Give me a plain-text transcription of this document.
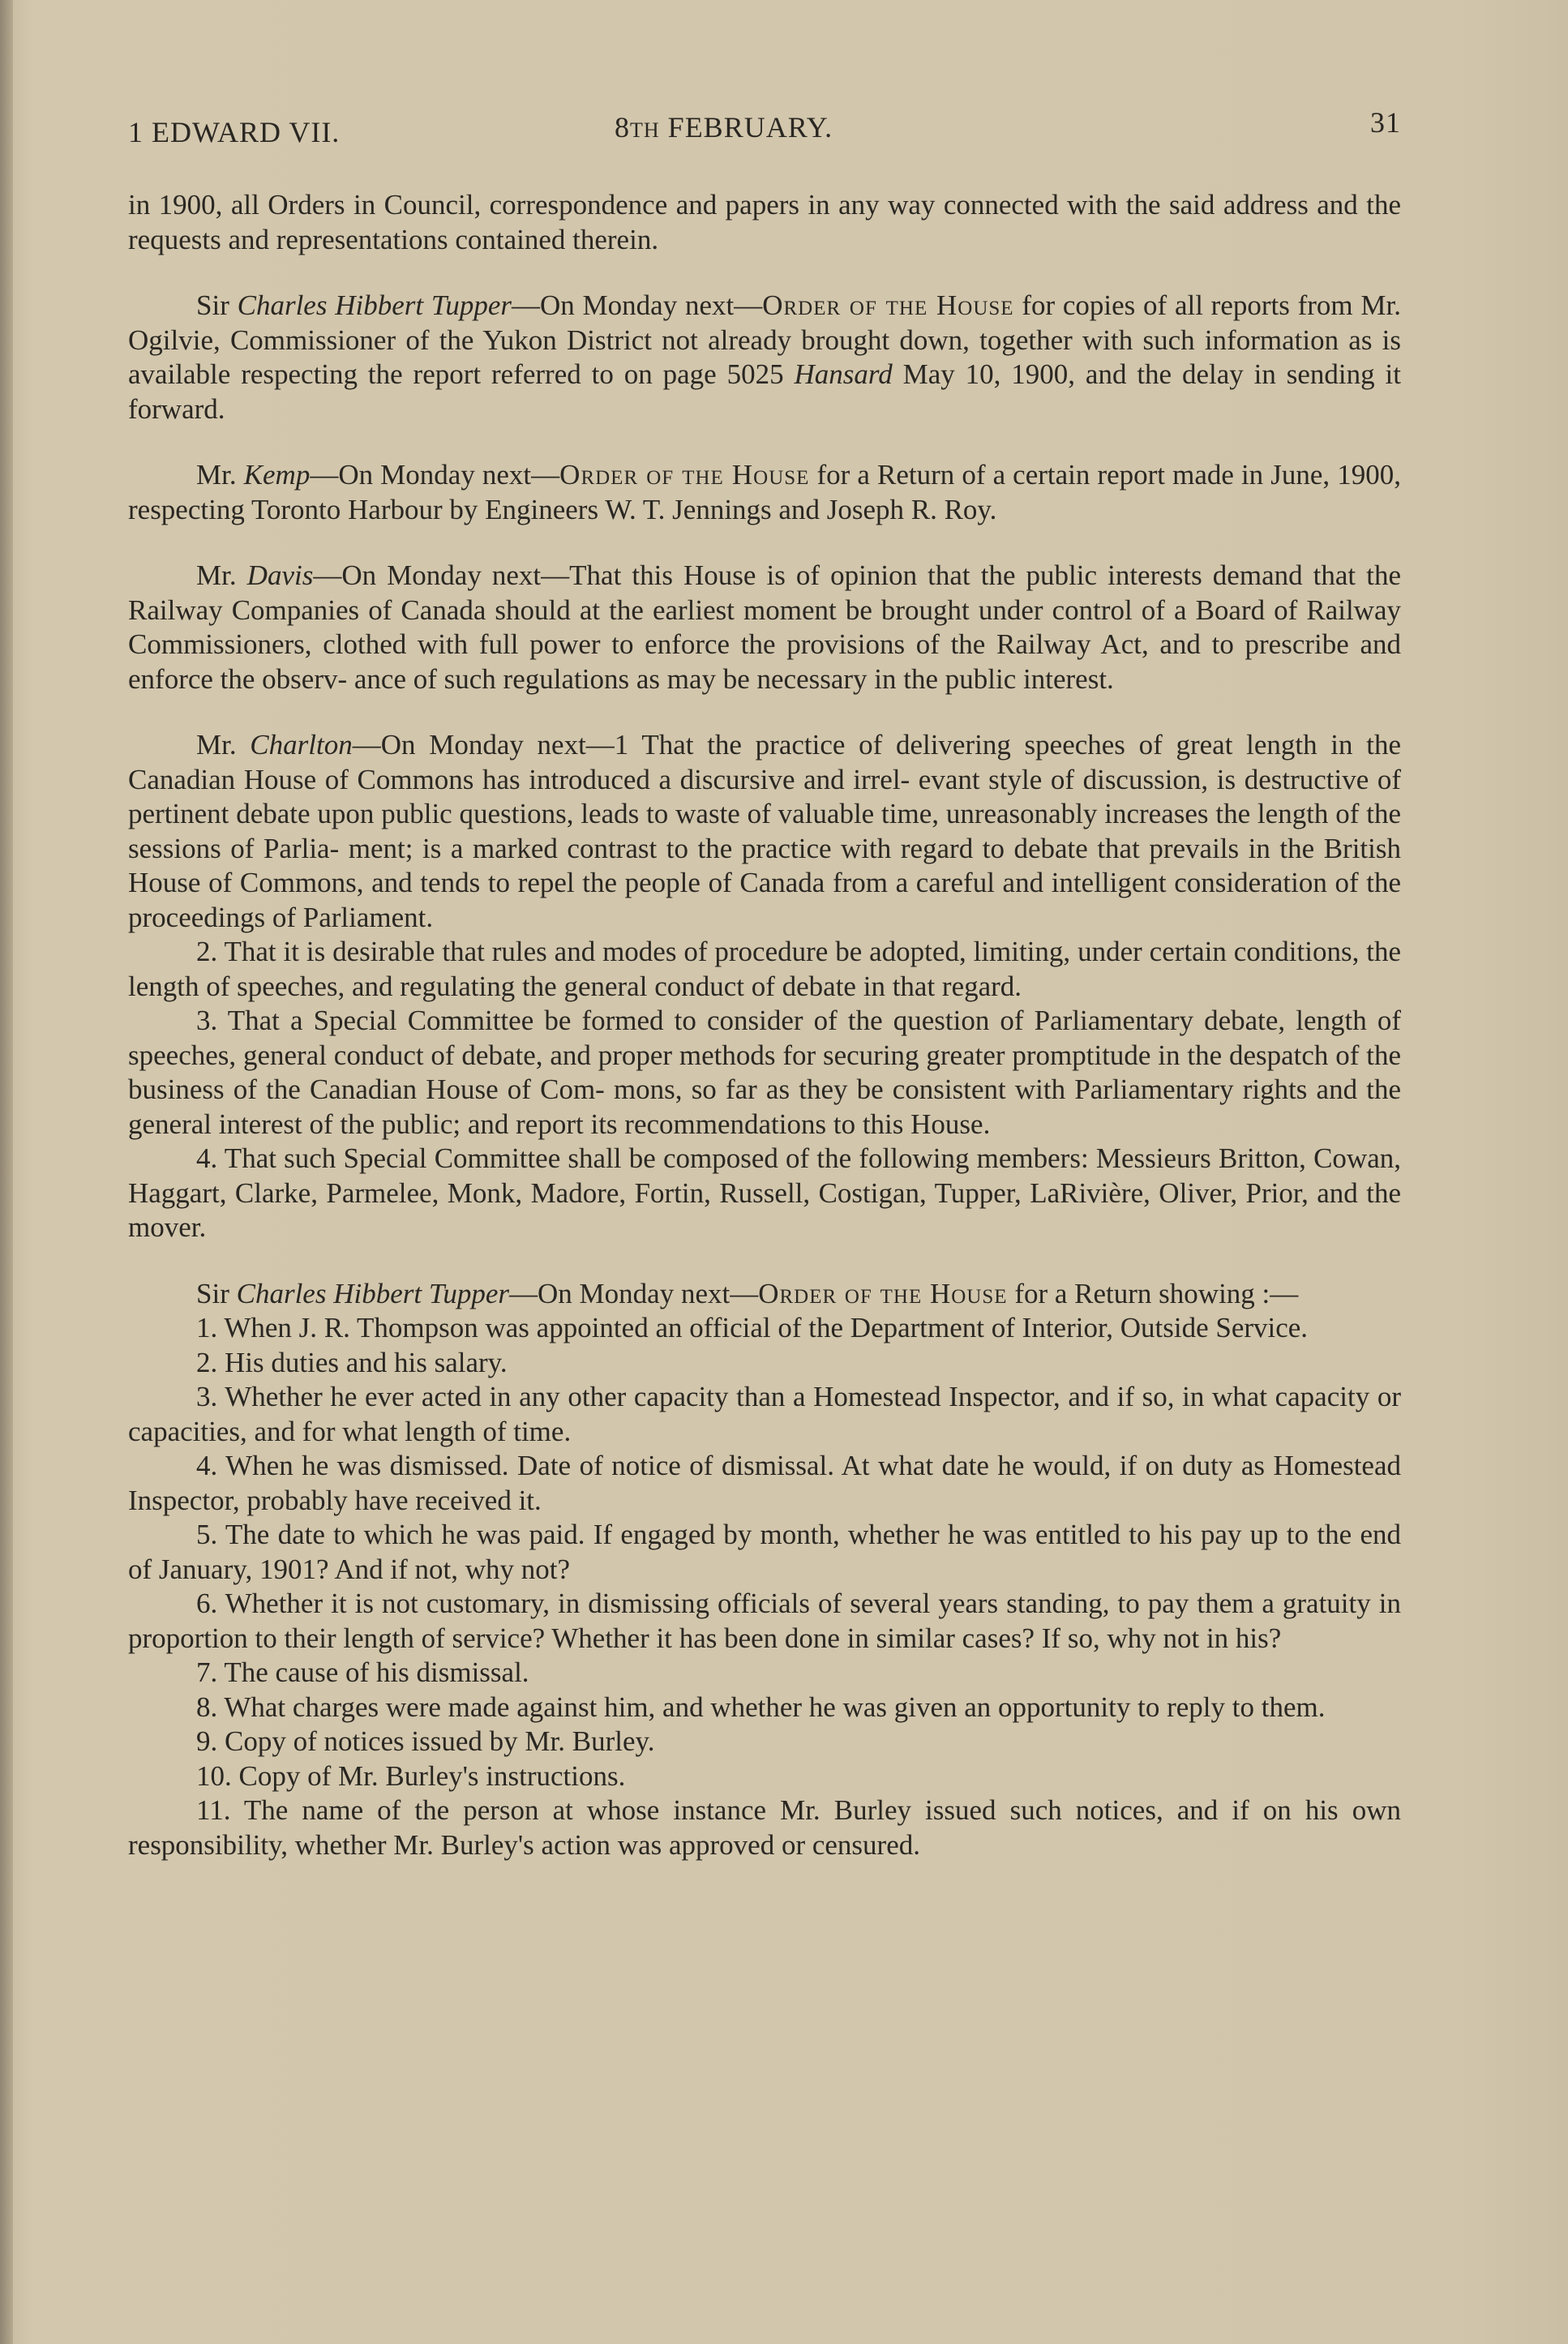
1 EDWARD VII.	8TH FEBRUARY.	31

in 1900, all Orders in Council, correspondence and papers in any way connected with the said address and the requests and representations contained therein.

Sir Charles Hibbert Tupper—On Monday next—Order of the House for copies of all reports from Mr. Ogilvie, Commissioner of the Yukon District not already brought down, together with such information as is available respecting the report referred to on page 5025 Hansard May 10, 1900, and the delay in sending it forward.

Mr. Kemp—On Monday next—Order of the House for a Return of a certain report made in June, 1900, respecting Toronto Harbour by Engineers W. T. Jennings and Joseph R. Roy.

Mr. Davis—On Monday next—That this House is of opinion that the public interests demand that the Railway Companies of Canada should at the earliest moment be brought under control of a Board of Railway Commissioners, clothed with full power to enforce the provisions of the Railway Act, and to prescribe and enforce the observ- ance of such regulations as may be necessary in the public interest.

Mr. Charlton—On Monday next—1 That the practice of delivering speeches of great length in the Canadian House of Commons has introduced a discursive and irrel- evant style of discussion, is destructive of pertinent debate upon public questions, leads to waste of valuable time, unreasonably increases the length of the sessions of Parlia- ment; is a marked contrast to the practice with regard to debate that prevails in the British House of Commons, and tends to repel the people of Canada from a careful and intelligent consideration of the proceedings of Parliament.

2. That it is desirable that rules and modes of procedure be adopted, limiting, under certain conditions, the length of speeches, and regulating the general conduct of debate in that regard.

3. That a Special Committee be formed to consider of the question of Parliamentary debate, length of speeches, general conduct of debate, and proper methods for securing greater promptitude in the despatch of the business of the Canadian House of Com- mons, so far as they be consistent with Parliamentary rights and the general interest of the public; and report its recommendations to this House.

4. That such Special Committee shall be composed of the following members: Messieurs Britton, Cowan, Haggart, Clarke, Parmelee, Monk, Madore, Fortin, Russell, Costigan, Tupper, LaRivière, Oliver, Prior, and the mover.

Sir Charles Hibbert Tupper—On Monday next—Order of the House for a Return showing :—

1. When J. R. Thompson was appointed an official of the Department of Interior, Outside Service.

2. His duties and his salary.

3. Whether he ever acted in any other capacity than a Homestead Inspector, and if so, in what capacity or capacities, and for what length of time.

4. When he was dismissed. Date of notice of dismissal. At what date he would, if on duty as Homestead Inspector, probably have received it.

5. The date to which he was paid. If engaged by month, whether he was entitled to his pay up to the end of January, 1901? And if not, why not?

6. Whether it is not customary, in dismissing officials of several years standing, to pay them a gratuity in proportion to their length of service? Whether it has been done in similar cases? If so, why not in his?

7. The cause of his dismissal.

8. What charges were made against him, and whether he was given an opportunity to reply to them.

9. Copy of notices issued by Mr. Burley.

10. Copy of Mr. Burley's instructions.

11. The name of the person at whose instance Mr. Burley issued such notices, and if on his own responsibility, whether Mr. Burley's action was approved or censured.
